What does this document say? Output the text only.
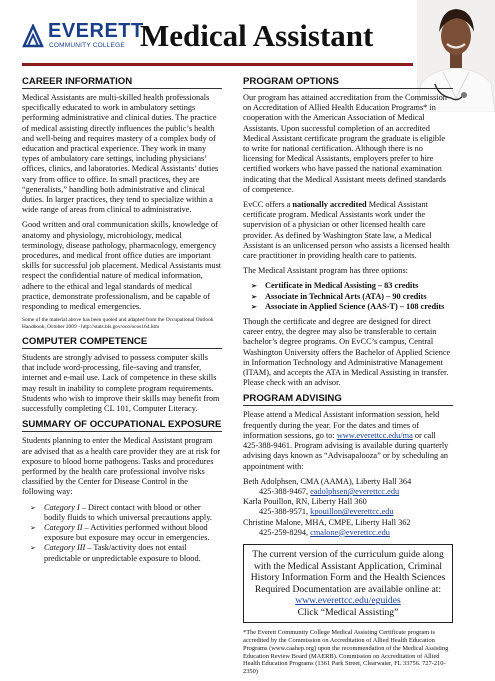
EVERETT
COMMUNITY COLLEGE Medical Assistant
CAREER INFORMATION

Medical Assistants are multi-skilled health professionals specifically educated to work in ambulatory settings performing administrative and clinical duties. The practice of medical assisting directly influences the public’s health and well-being and requires mastery of a complex body of education and practical experience. They work in many types of ambulatory care settings, including physicians’ offices, clinics, and laboratories. Medical Assistants’ duties vary from office to office. In small practices, they are “generalists,” handling both administrative and clinical duties. In larger practices, they tend to specialize within a wide range of areas from clinical to administrative.

Good written and oral communication skills, knowledge of anatomy and physiology, microbiology, medical terminology, disease pathology, pharmacology, emergency procedures, and medical front office duties are important skills for successful job placement. Medical Assistants must respect the confidential nature of medical information, adhere to the ethical and legal standards of medical practice, demonstrate professionalism, and be capable of responding to medical emergencies.

Some of the material above has been quoted and adapted from the Occupational Outlook Handbook, October 2009 - http://stats.bls.gov/oco/ocos164.htm

COMPUTER COMPETENCE

Students are strongly advised to possess computer skills that include word-processing, file-saving and transfer, internet and e-mail use. Lack of competence in these skills may result in inability to complete program requirements. Students who wish to improve their skills may benefit from successfully completing CL 101, Computer Literacy.

SUMMARY OF OCCUPATIONAL EXPOSURE

Students planning to enter the Medical Assistant program are advised that as a health care provider they are at risk for exposure to blood borne pathogens. Tasks and procedures performed by the health care professional involve risks classified by the Center for Disease Control in the following way:

➢ Category I – Direct contact with blood or other bodily fluids to which universal precautions apply.
➢ Category II – Activities performed without blood exposure but exposure may occur in emergencies.
➢ Category III – Task/activity does not entail predictable or unpredictable exposure to blood.
PROGRAM OPTIONS

Our program has attained accreditation from the Commission on Accreditation of Allied Health Education Programs* in cooperation with the American Association of Medical Assistants. Upon successful completion of an accredited Medical Assistant certificate program the graduate is eligible to write for national certification. Although there is no licensing for Medical Assistants, employers prefer to hire certified workers who have passed the national examination indicating that the Medical Assistant meets defined standards of competence.

EvCC offers a nationally accredited Medical Assistant certificate program. Medical Assistants work under the supervision of a physician or other licensed health care provider. As defined by Washington State law, a Medical Assistant is an unlicensed person who assists a licensed health care practitioner in providing health care to patients.

The Medical Assistant program has three options:

➢ Certificate in Medical Assisting – 83 credits
➢ Associate in Technical Arts (ATA) – 90 credits
➢ Associate in Applied Science (AAS-T) – 108 credits

Though the certificate and degree are designed for direct career entry, the degree may also be transferable to certain bachelor’s degree programs. On EvCC’s campus, Central Washington University offers the Bachelor of Applied Science in Information Technology and Administrative Management (ITAM), and accepts the ATA in Medical Assisting in transfer. Please check with an advisor.

PROGRAM ADVISING

Please attend a Medical Assistant information session, held frequently during the year. For the dates and times of information sessions, go to: www.everettcc.edu/ma or call 425-388-9461. Program advising is available during quarterly advising days known as “Advisapalooza” or by scheduling an appointment with:

Beth Adolphsen, CMA (AAMA), Liberty Hall 364

425-388-9467, eadolphsen@everettcc.edu

Karla Pouillon, RN, Liberty Hall 360

425-388-9571, kpouillon@everettcc.edu

Christine Malone, MHA, CMPE, Liberty Hall 362

425-259-8294, cmalone@everettcc.edu

The current version of the curriculum guide along with the Medical Assistant Application, Criminal History Information Form and the Health Sciences Required Documentation are available online at:
www.everettcc.edu/eguides
Click “Medical Assisting”

*The Everett Community College Medical Assisting Certificate program is accredited by the Commission on Accreditation of Allied Health Education Programs (www.caahep.org) upon the recommendation of the Medical Assisting Education Review Board (MAERB). Commission on Accreditation of Allied Health Education Programs (1361 Park Street, Clearwater, FL 33756. 727-210-2350)
